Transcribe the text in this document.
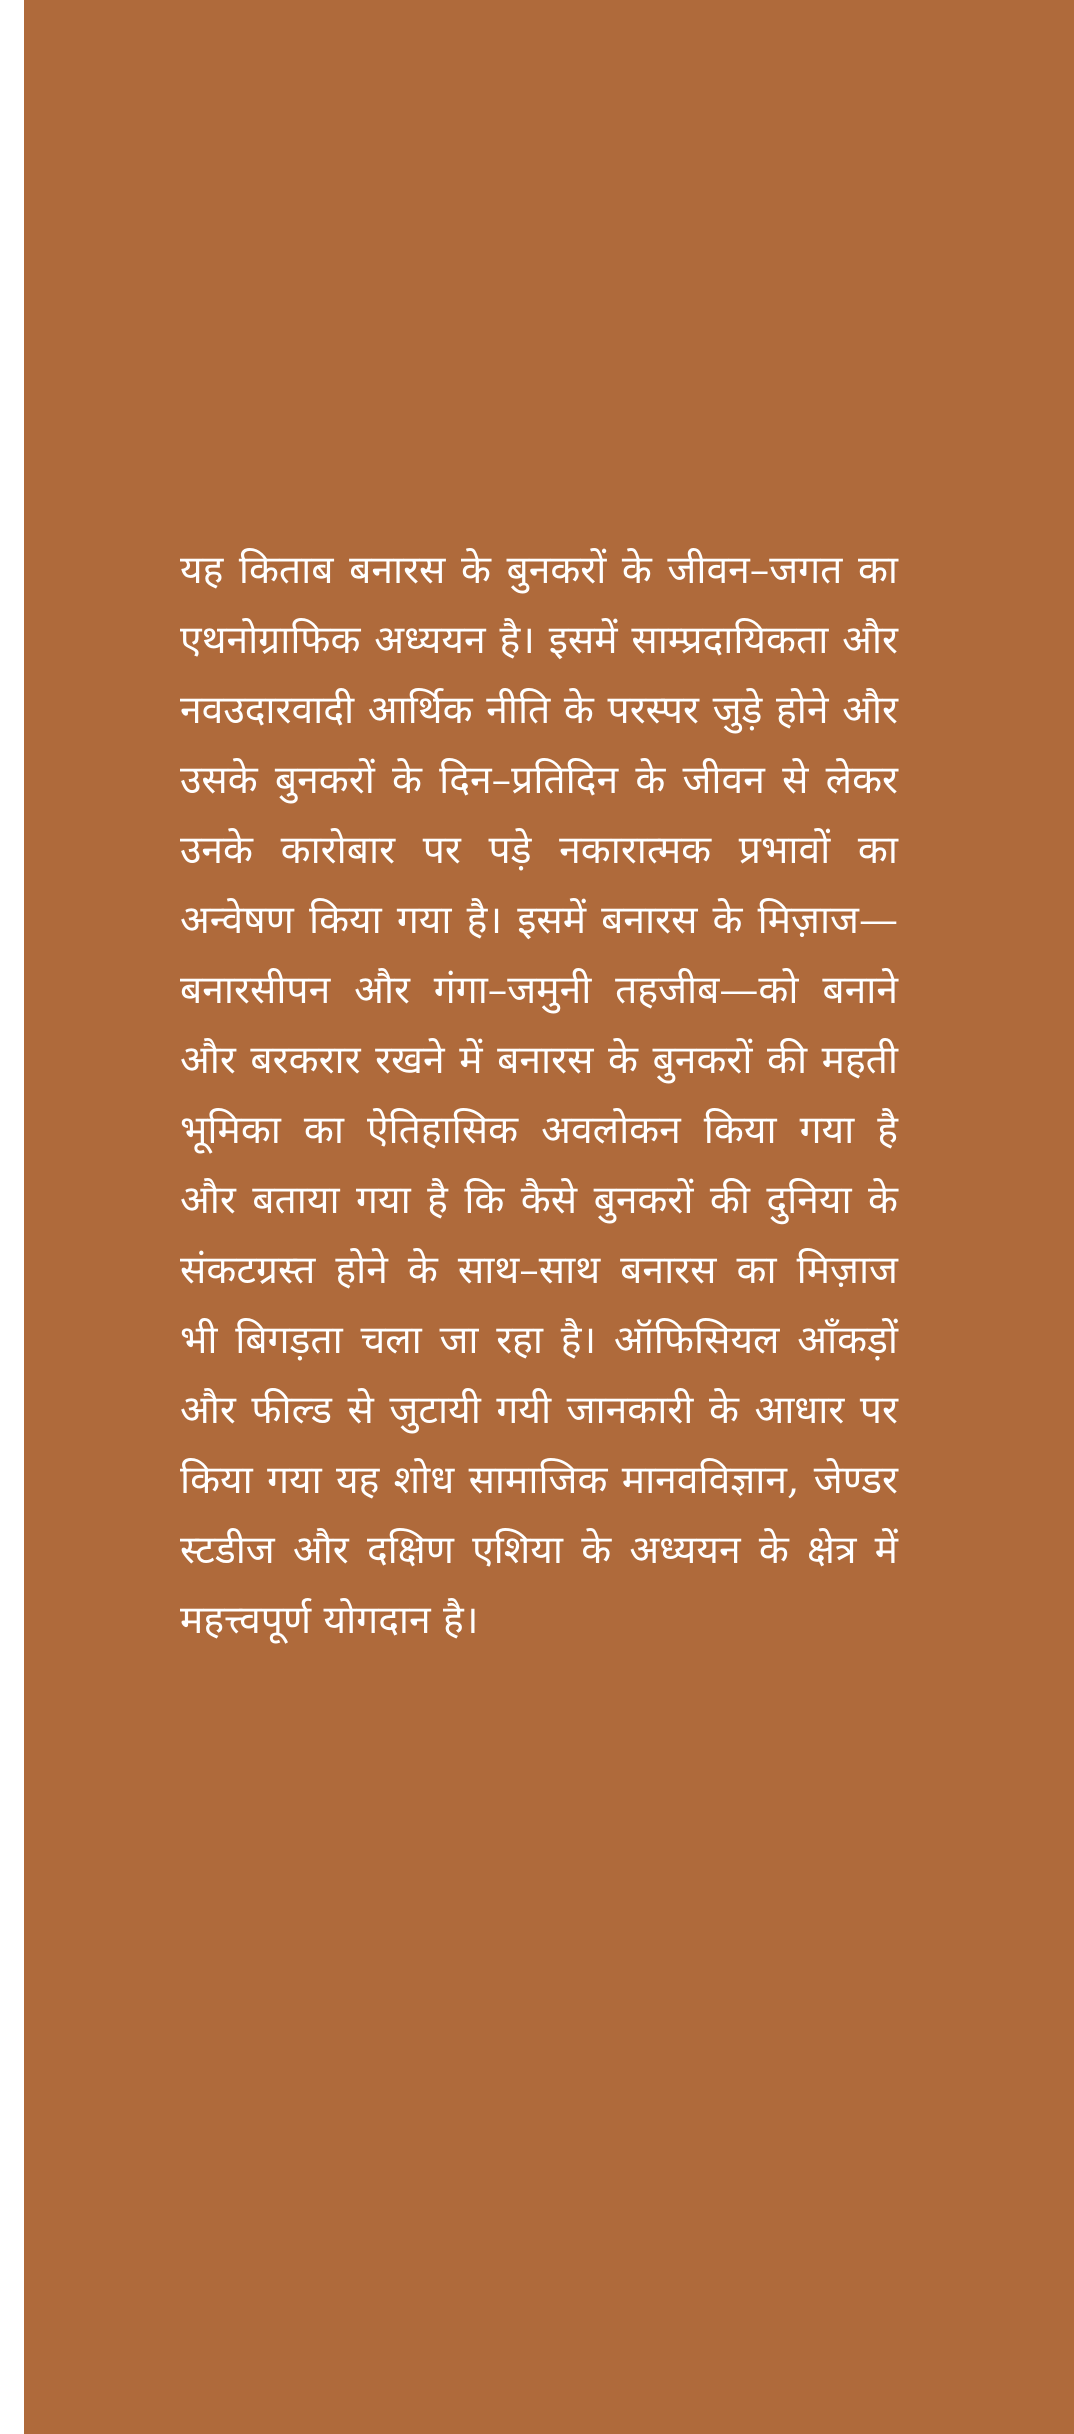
यह किताब बनारस के बुनकरों के जीवन–जगत का एथनोग्राफिक अध्ययन है। इसमें साम्प्रदायिकता और नवउदारवादी आर्थिक नीति के परस्पर जुड़े होने और उसके बुनकरों के दिन–प्रतिदिन के जीवन से लेकर उनके कारोबार पर पड़े नकारात्मक प्रभावों का अन्वेषण किया गया है। इसमें बनारस के मिज़ाज—बनारसीपन और गंगा–जमुनी तहजीब—को बनाने और बरकरार रखने में बनारस के बुनकरों की महती भूमिका का ऐतिहासिक अवलोकन किया गया है और बताया गया है कि कैसे बुनकरों की दुनिया के संकटग्रस्त होने के साथ–साथ बनारस का मिज़ाज भी बिगड़ता चला जा रहा है। ऑफिसियल आँकड़ों और फील्ड से जुटायी गयी जानकारी के आधार पर किया गया यह शोध सामाजिक मानवविज्ञान, जेण्डर स्टडीज और दक्षिण एशिया के अध्ययन के क्षेत्र में महत्त्वपूर्ण योगदान है।
